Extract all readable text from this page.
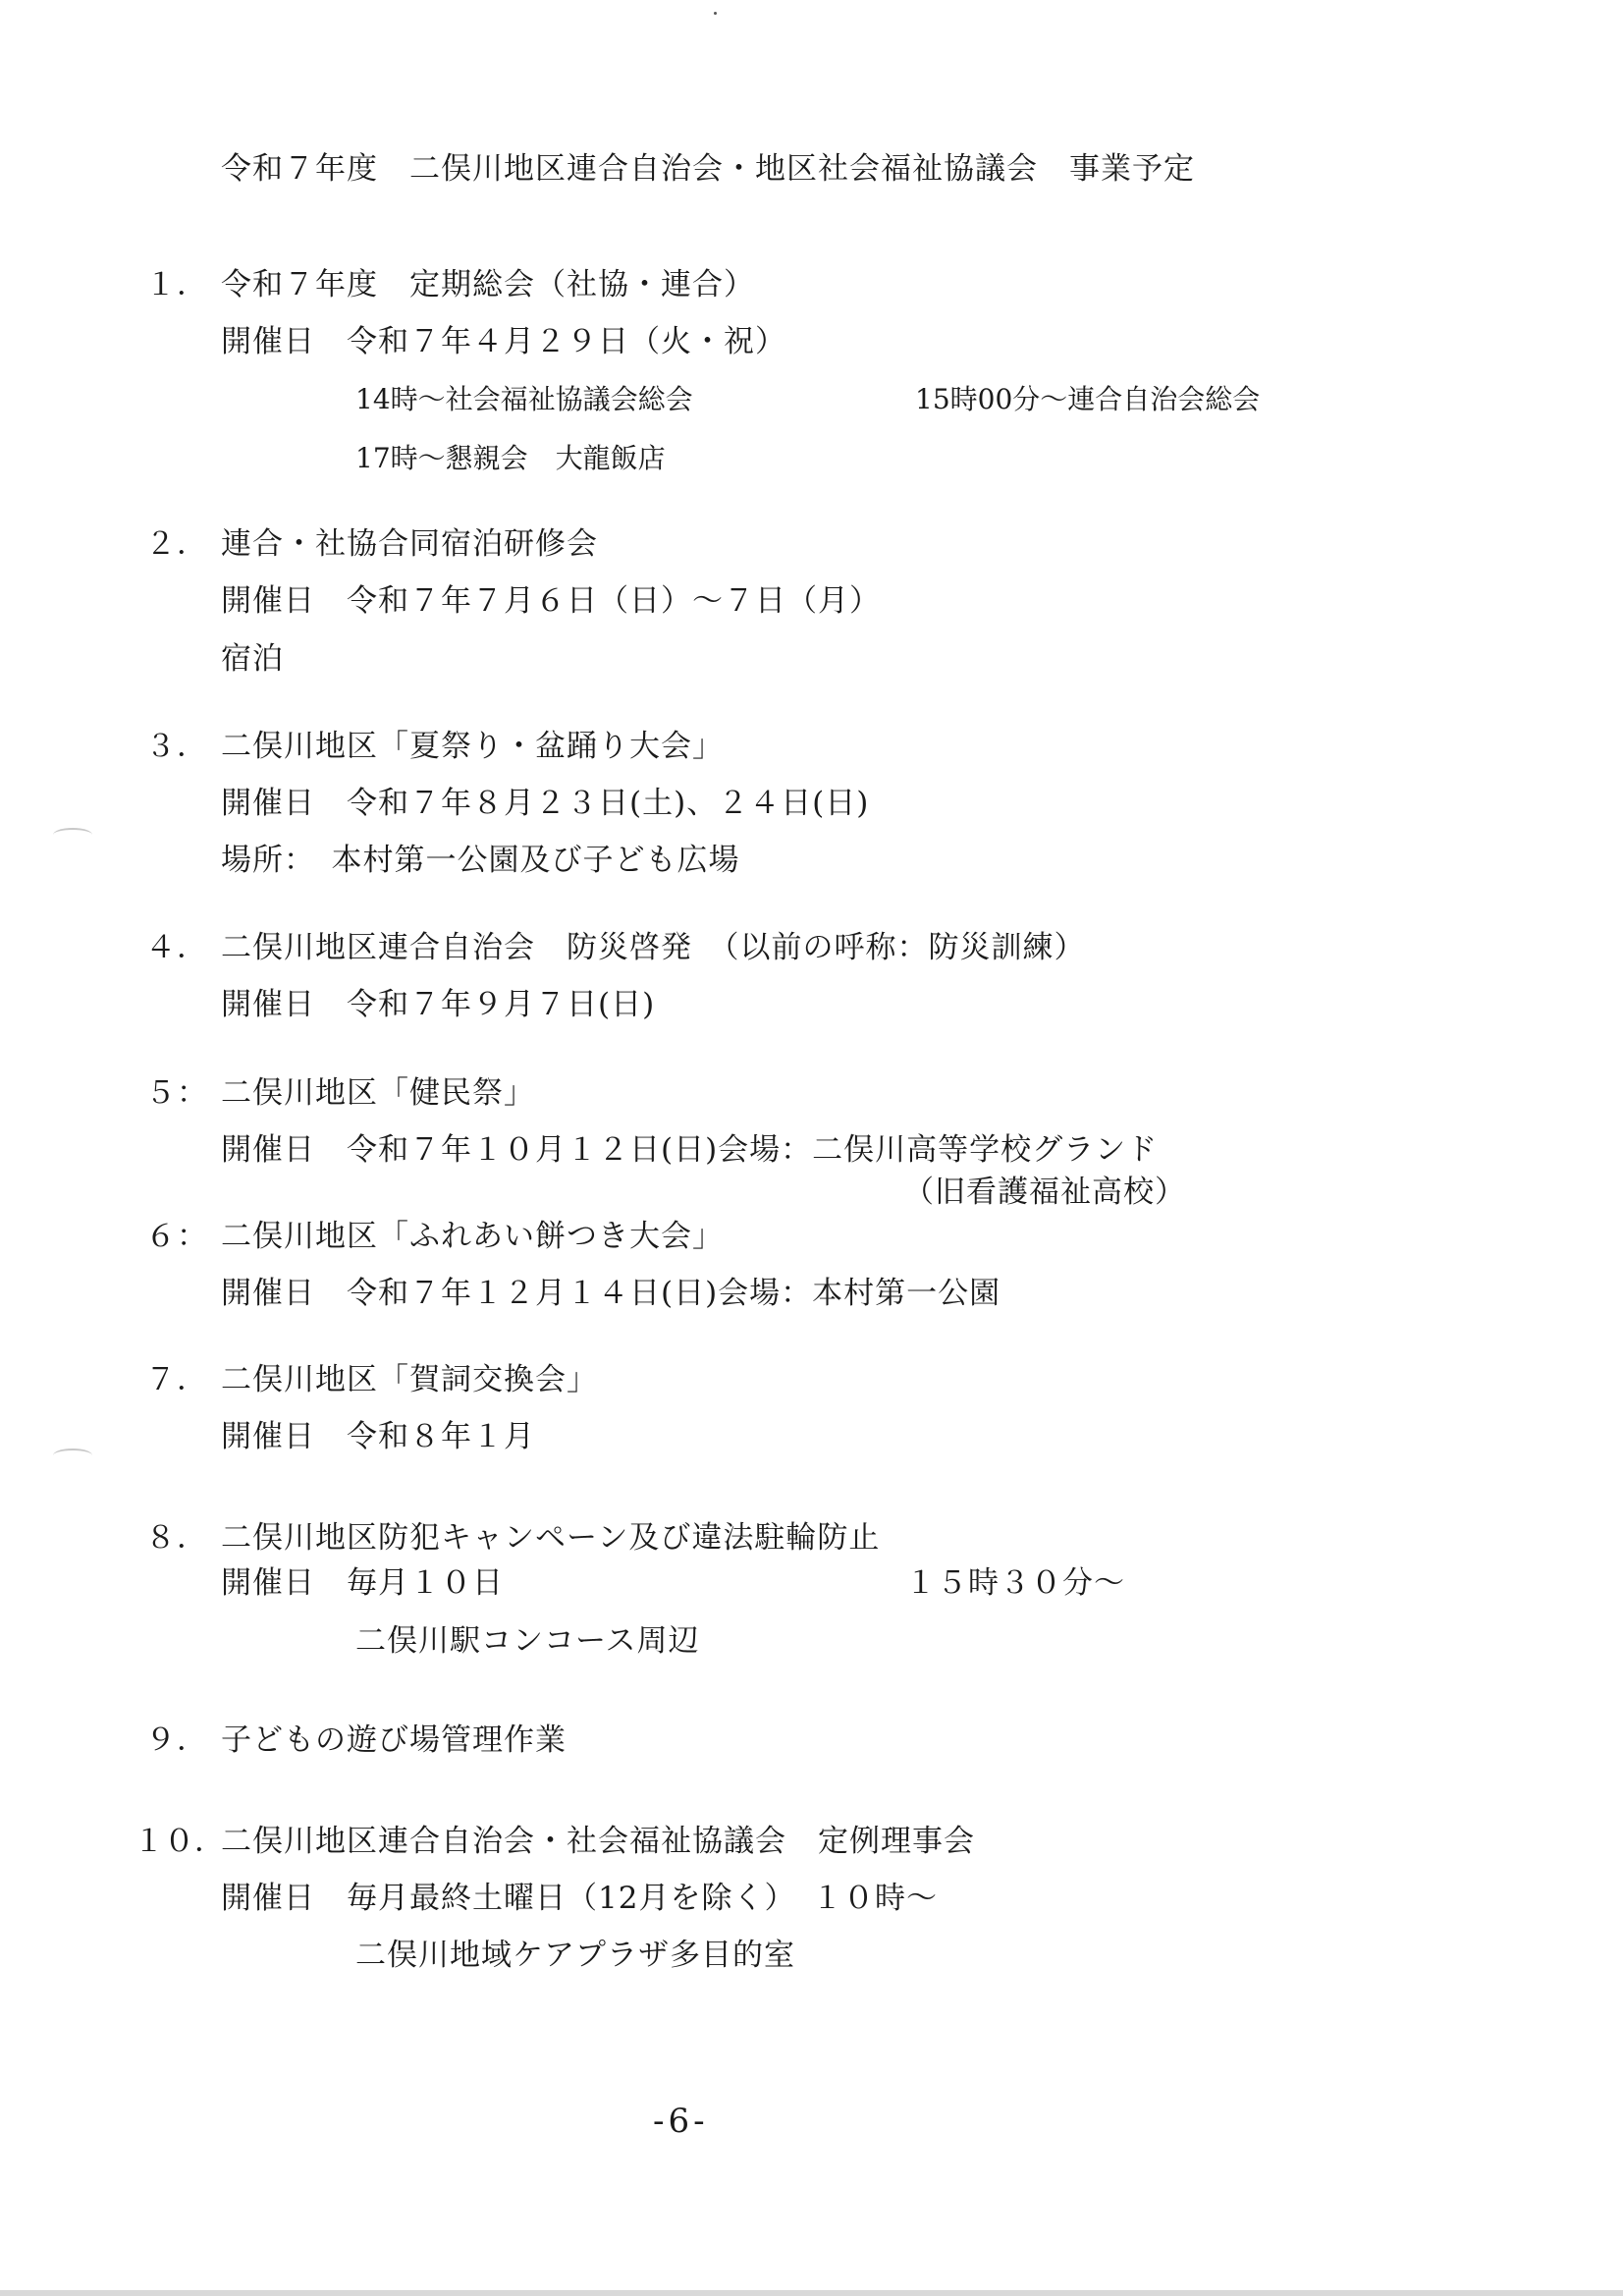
令和７年度　二俣川地区連合自治会・地区社会福祉協議会　事業予定
１． 令和７年度　定期総会（社協・連合）
開催日　令和７年４月２９日（火・祝）
14時〜社会福祉協議会総会	15時00分〜連合自治会総会
17時〜懇親会　大龍飯店
２． 連合・社協合同宿泊研修会
開催日　令和７年７月６日（日）〜７日（月）
宿泊
３． 二俣川地区「夏祭り・盆踊り大会」
開催日　令和７年８月２３日(土)、２４日(日)
場所：　本村第一公園及び子ども広場
４． 二俣川地区連合自治会　防災啓発　（以前の呼称：防災訓練）
開催日　令和７年９月７日(日)
５： 二俣川地区「健民祭」
開催日　令和７年１０月１２日(日)会場：二俣川高等学校グランド
（旧看護福祉高校）
６： 二俣川地区「ふれあい餅つき大会」
開催日　令和７年１２月１４日(日)会場：本村第一公園
７． 二俣川地区「賀詞交換会」
開催日　令和８年１月
８． 二俣川地区防犯キャンペーン及び違法駐輪防止
開催日　毎月１０日	１５時３０分〜
二俣川駅コンコース周辺
９． 子どもの遊び場管理作業
１０．
二俣川地区連合自治会・社会福祉協議会　定例理事会
開催日　毎月最終土曜日（12月を除く）　１０時〜
二俣川地域ケアプラザ多目的室
-6-
